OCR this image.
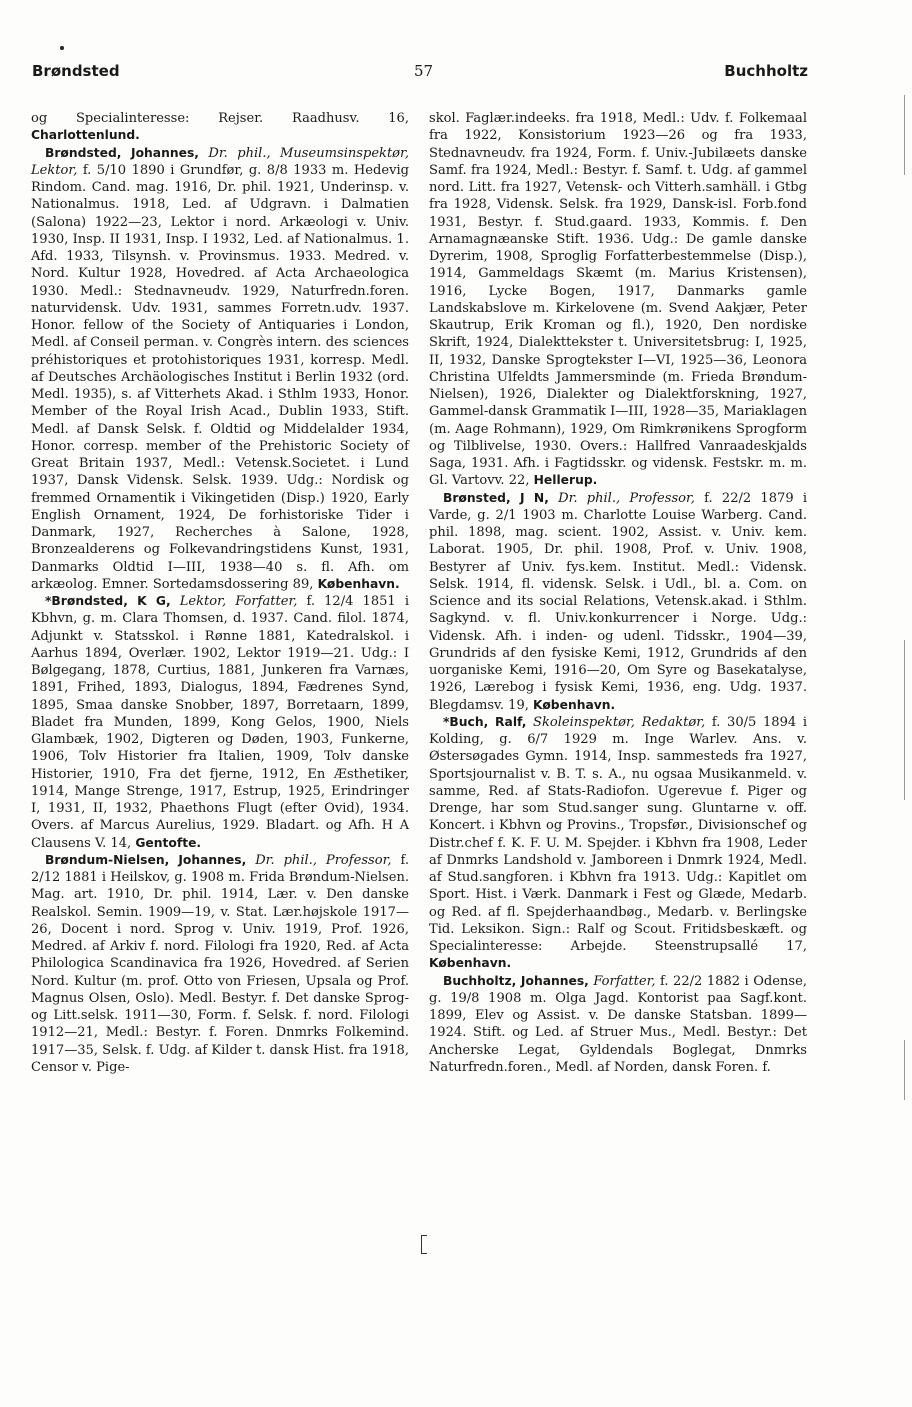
Brøndsted	57	Buchholtz

og Specialinteresse: Rejser. Raadhusv. 16, Charlottenlund.

Brøndsted, Johannes, Dr. phil., Museumsinspektør, Lektor, f. 5/10 1890 i Grundfør, g. 8/8 1933 m. Hedevig Rindom. Cand. mag. 1916, Dr. phil. 1921, Underinsp. v. Nationalmus. 1918, Led. af Udgravn. i Dalmatien (Salona) 1922—23, Lektor i nord. Arkæologi v. Univ. 1930, Insp. II 1931, Insp. I 1932, Led. af Nationalmus. 1. Afd. 1933, Tilsynsh. v. Provinsmus. 1933. Medred. v. Nord. Kultur 1928, Hovedred. af Acta Archaeologica 1930. Medl.: Stednavneudv. 1929, Naturfredn.foren. naturvidensk. Udv. 1931, sammes Forretn.udv. 1937. Honor. fellow of the Society of Antiquaries i London, Medl. af Conseil perman. v. Congrès intern. des sciences préhistoriques et protohistoriques 1931, korresp. Medl. af Deutsches Archäologisches Institut i Berlin 1932 (ord. Medl. 1935), s. af Vitterhets Akad. i Sthlm 1933, Honor. Member of the Royal Irish Acad., Dublin 1933, Stift. Medl. af Dansk Selsk. f. Oldtid og Middelalder 1934, Honor. corresp. member of the Prehistoric Society of Great Britain 1937, Medl.: Vetensk.Societet. i Lund 1937, Dansk Vidensk. Selsk. 1939. Udg.: Nordisk og fremmed Ornamentik i Vikingetiden (Disp.) 1920, Early English Ornament, 1924, De forhistoriske Tider i Danmark, 1927, Recherches à Salone, 1928, Bronzealderens og Folkevandringstidens Kunst, 1931, Danmarks Oldtid I—III, 1938—40 s. fl. Afh. om arkæolog. Emner. Sortedamsdossering 89, København.

*Brøndsted, K G, Lektor, Forfatter, f. 12/4 1851 i Kbhvn, g. m. Clara Thomsen, d. 1937. Cand. filol. 1874, Adjunkt v. Statsskol. i Rønne 1881, Katedralskol. i Aarhus 1894, Overlær. 1902, Lektor 1919—21. Udg.: I Bølgegang, 1878, Curtius, 1881, Junkeren fra Varnæs, 1891, Frihed, 1893, Dialogus, 1894, Fædrenes Synd, 1895, Smaa danske Snobber, 1897, Borretaarn, 1899, Bladet fra Munden, 1899, Kong Gelos, 1900, Niels Glambæk, 1902, Digteren og Døden, 1903, Funkerne, 1906, Tolv Historier fra Italien, 1909, Tolv danske Historier, 1910, Fra det fjerne, 1912, En Æsthetiker, 1914, Mange Strenge, 1917, Estrup, 1925, Erindringer I, 1931, II, 1932, Phaethons Flugt (efter Ovid), 1934. Overs. af Marcus Aurelius, 1929. Bladart. og Afh. H A Clausens V. 14, Gentofte.

Brøndum-Nielsen, Johannes, Dr. phil., Professor, f. 2/12 1881 i Heilskov, g. 1908 m. Frida Brøndum-Nielsen. Mag. art. 1910, Dr. phil. 1914, Lær. v. Den danske Realskol. Semin. 1909—19, v. Stat. Lær.højskole 1917—26, Docent i nord. Sprog v. Univ. 1919, Prof. 1926, Medred. af Arkiv f. nord. Filologi fra 1920, Red. af Acta Philologica Scandinavica fra 1926, Hovedred. af Serien Nord. Kultur (m. prof. Otto von Friesen, Upsala og Prof. Magnus Olsen, Oslo). Medl. Bestyr. f. Det danske Sprog- og Litt.selsk. 1911—30, Form. f. Selsk. f. nord. Filologi 1912—21, Medl.: Bestyr. f. Foren. Dnmrks Folkemind. 1917—35, Selsk. f. Udg. af Kilder t. dansk Hist. fra 1918, Censor v. Pige-

skol. Faglær.indeeks. fra 1918, Medl.: Udv. f. Folkemaal fra 1922, Konsistorium 1923—26 og fra 1933, Stednavneudv. fra 1924, Form. f. Univ.-Jubilæets danske Samf. fra 1924, Medl.: Bestyr. f. Samf. t. Udg. af gammel nord. Litt. fra 1927, Vetensk- och Vitterh.samhäll. i Gtbg fra 1928, Vidensk. Selsk. fra 1929, Dansk-isl. Forb.fond 1931, Bestyr. f. Stud.gaard. 1933, Kommis. f. Den Arnamagnæanske Stift. 1936. Udg.: De gamle danske Dyrerim, 1908, Sproglig Forfatterbestemmelse (Disp.), 1914, Gammeldags Skæmt (m. Marius Kristensen), 1916, Lycke Bogen, 1917, Danmarks gamle Landskabslove m. Kirkelovene (m. Svend Aakjær, Peter Skautrup, Erik Kroman og fl.), 1920, Den nordiske Skrift, 1924, Dialekttekster t. Universitetsbrug: I, 1925, II, 1932, Danske Sprogtekster I—VI, 1925—36, Leonora Christina Ulfeldts Jammersminde (m. Frieda Brøndum-Nielsen), 1926, Dialekter og Dialektforskning, 1927, Gammel-dansk Grammatik I—III, 1928—35, Mariaklagen (m. Aage Rohmann), 1929, Om Rimkrønikens Sprogform og Tilblivelse, 1930. Overs.: Hallfred Vanraadeskjalds Saga, 1931. Afh. i Fagtidsskr. og vidensk. Festskr. m. m. Gl. Vartovv. 22, Hellerup.

Brønsted, J N, Dr. phil., Professor, f. 22/2 1879 i Varde, g. 2/1 1903 m. Charlotte Louise Warberg. Cand. phil. 1898, mag. scient. 1902, Assist. v. Univ. kem. Laborat. 1905, Dr. phil. 1908, Prof. v. Univ. 1908, Bestyrer af Univ. fys.kem. Institut. Medl.: Vidensk. Selsk. 1914, fl. vidensk. Selsk. i Udl., bl. a. Com. on Science and its social Relations, Vetensk.akad. i Sthlm. Sagkynd. v. fl. Univ.konkurrencer i Norge. Udg.: Vidensk. Afh. i inden- og udenl. Tidsskr., 1904—39, Grundrids af den fysiske Kemi, 1912, Grundrids af den uorganiske Kemi, 1916—20, Om Syre og Basekatalyse, 1926, Lærebog i fysisk Kemi, 1936, eng. Udg. 1937. Blegdamsv. 19, København.

*Buch, Ralf, Skoleinspektør, Redaktør, f. 30/5 1894 i Kolding, g. 6/7 1929 m. Inge Warlev. Ans. v. Østersøgades Gymn. 1914, Insp. sammesteds fra 1927, Sportsjournalist v. B. T. s. A., nu ogsaa Musikanmeld. v. samme, Red. af Stats-Radiofon. Ugerevue f. Piger og Drenge, har som Stud.sanger sung. Gluntarne v. off. Koncert. i Kbhvn og Provins., Tropsfør., Divisionschef og Distr.chef f. K. F. U. M. Spejder. i Kbhvn fra 1908, Leder af Dnmrks Landshold v. Jamboreen i Dnmrk 1924, Medl. af Stud.sangforen. i Kbhvn fra 1913. Udg.: Kapitlet om Sport. Hist. i Værk. Danmark i Fest og Glæde, Medarb. og Red. af fl. Spejderhaandbøg., Medarb. v. Berlingske Tid. Leksikon. Sign.: Ralf og Scout. Fritidsbeskæft. og Specialinteresse: Arbejde. Steenstrupsallé 17, København.

Buchholtz, Johannes, Forfatter, f. 22/2 1882 i Odense, g. 19/8 1908 m. Olga Jagd. Kontorist paa Sagf.kont. 1899, Elev og Assist. v. De danske Statsban. 1899—1924. Stift. og Led. af Struer Mus., Medl. Bestyr.: Det Ancherske Legat, Gyldendals Boglegat, Dnmrks Naturfredn.foren., Medl. af Norden, dansk Foren. f.
